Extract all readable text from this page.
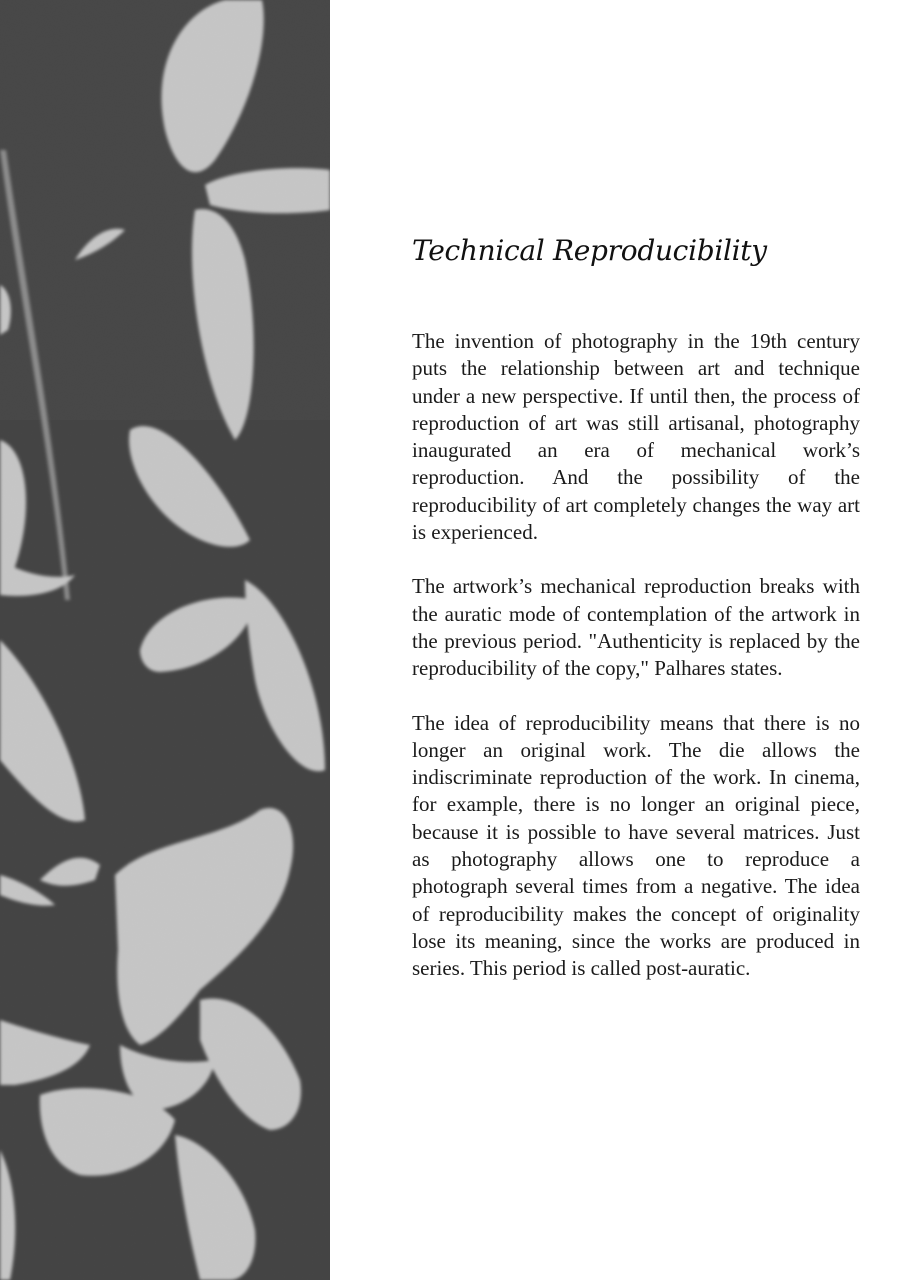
Technical Reproducibility

The invention of photography in the 19th century puts the relationship between art and technique under a new perspective. If until then, the process of reproduction of art was still artisanal, photography inaugurated an era of mechanical work’s reproduction. And the possibility of the reproducibility of art completely changes the way art is experienced.

The artwork’s mechanical reproduction breaks with the auratic mode of contemplation of the artwork in the previous period. "Authenticity is replaced by the reproducibility of the copy," Palhares states.

The idea of reproducibility means that there is no longer an original work. The die allows the indiscriminate reproduction of the work. In cinema, for example, there is no longer an original piece, because it is possible to have several matrices. Just as photography allows one to reproduce a photograph several times from a negative. The idea of reproducibility makes the concept of originality lose its meaning, since the works are produced in series. This period is called post-auratic.
